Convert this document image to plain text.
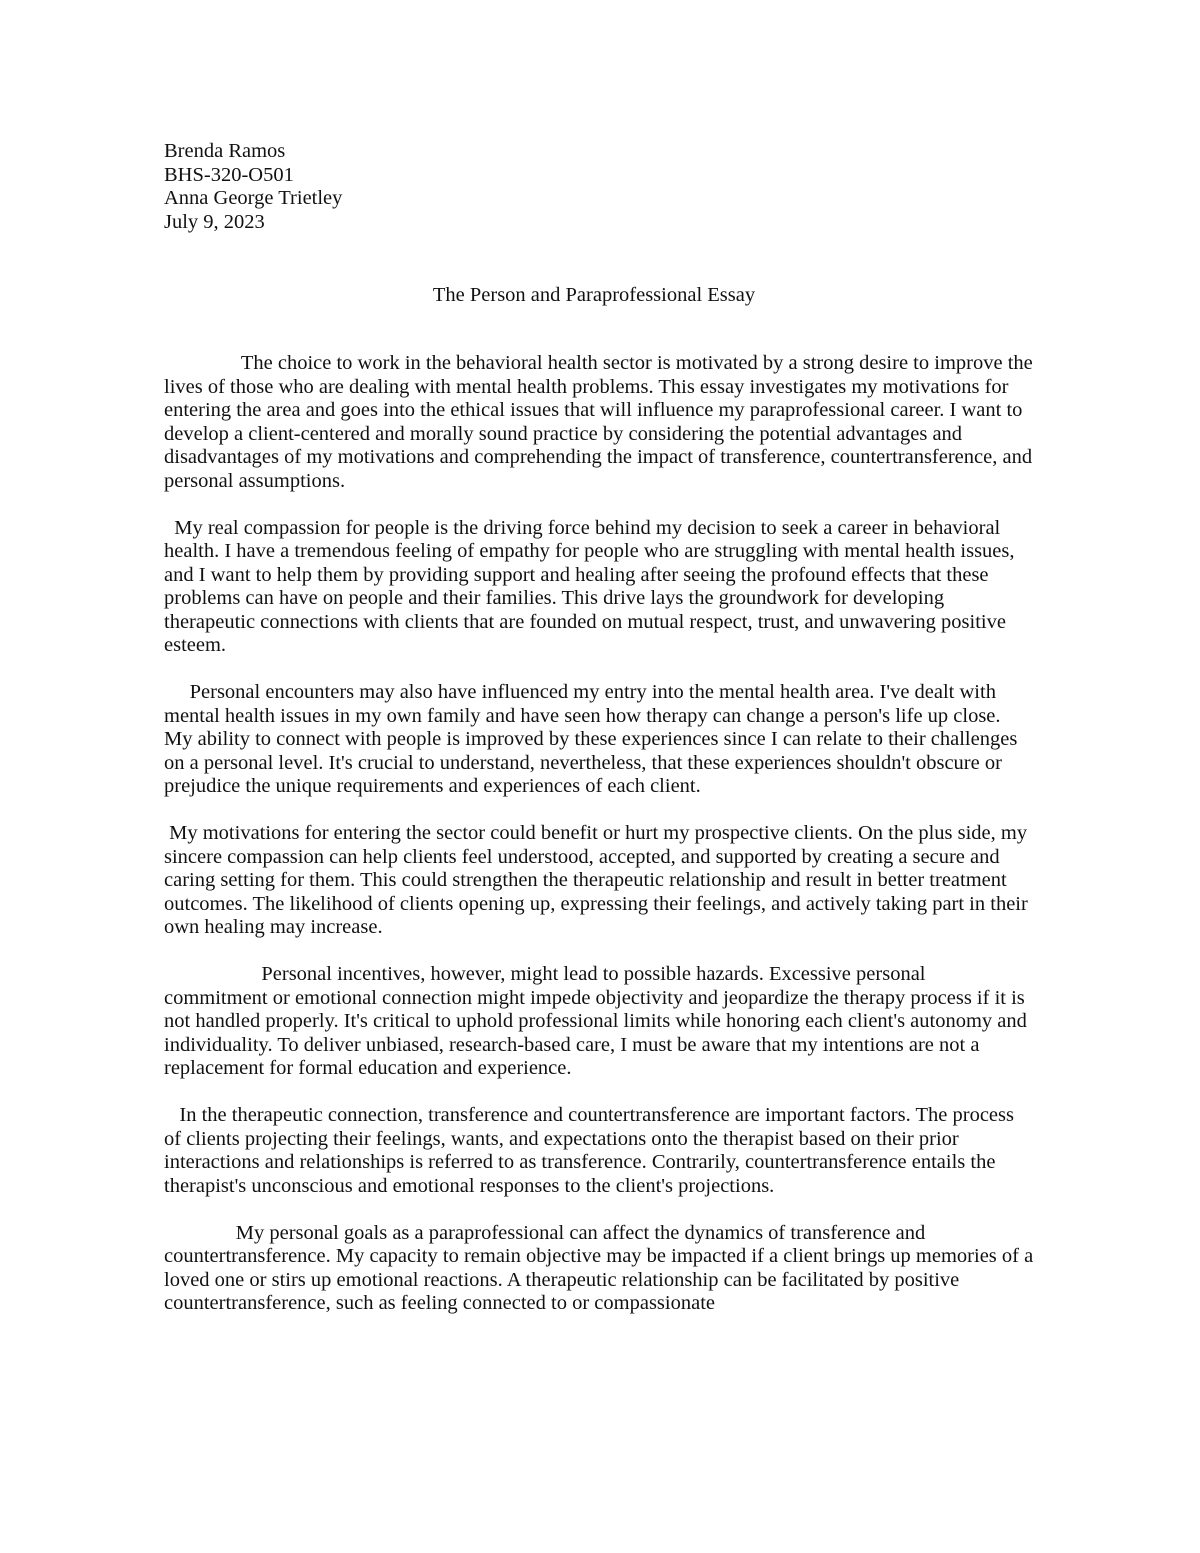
Brenda Ramos
BHS-320-O501
Anna George Trietley
July 9, 2023
The Person and Paraprofessional Essay

The choice to work in the behavioral health sector is motivated by a strong desire to improve the lives of those who are dealing with mental health problems. This essay investigates my motivations for entering the area and goes into the ethical issues that will influence my paraprofessional career. I want to develop a client-centered and morally sound practice by considering the potential advantages and disadvantages of my motivations and comprehending the impact of transference, countertransference, and personal assumptions.

My real compassion for people is the driving force behind my decision to seek a career in behavioral health. I have a tremendous feeling of empathy for people who are struggling with mental health issues, and I want to help them by providing support and healing after seeing the profound effects that these problems can have on people and their families. This drive lays the groundwork for developing therapeutic connections with clients that are founded on mutual respect, trust, and unwavering positive esteem.

Personal encounters may also have influenced my entry into the mental health area. I've dealt with mental health issues in my own family and have seen how therapy can change a person's life up close. My ability to connect with people is improved by these experiences since I can relate to their challenges on a personal level. It's crucial to understand, nevertheless, that these experiences shouldn't obscure or prejudice the unique requirements and experiences of each client.

My motivations for entering the sector could benefit or hurt my prospective clients. On the plus side, my sincere compassion can help clients feel understood, accepted, and supported by creating a secure and caring setting for them. This could strengthen the therapeutic relationship and result in better treatment outcomes. The likelihood of clients opening up, expressing their feelings, and actively taking part in their own healing may increase.

Personal incentives, however, might lead to possible hazards. Excessive personal commitment or emotional connection might impede objectivity and jeopardize the therapy process if it is not handled properly. It's critical to uphold professional limits while honoring each client's autonomy and individuality. To deliver unbiased, research-based care, I must be aware that my intentions are not a replacement for formal education and experience.

In the therapeutic connection, transference and countertransference are important factors. The process of clients projecting their feelings, wants, and expectations onto the therapist based on their prior interactions and relationships is referred to as transference. Contrarily, countertransference entails the therapist's unconscious and emotional responses to the client's projections.

My personal goals as a paraprofessional can affect the dynamics of transference and countertransference. My capacity to remain objective may be impacted if a client brings up memories of a loved one or stirs up emotional reactions. A therapeutic relationship can be facilitated by positive countertransference, such as feeling connected to or compassionate
